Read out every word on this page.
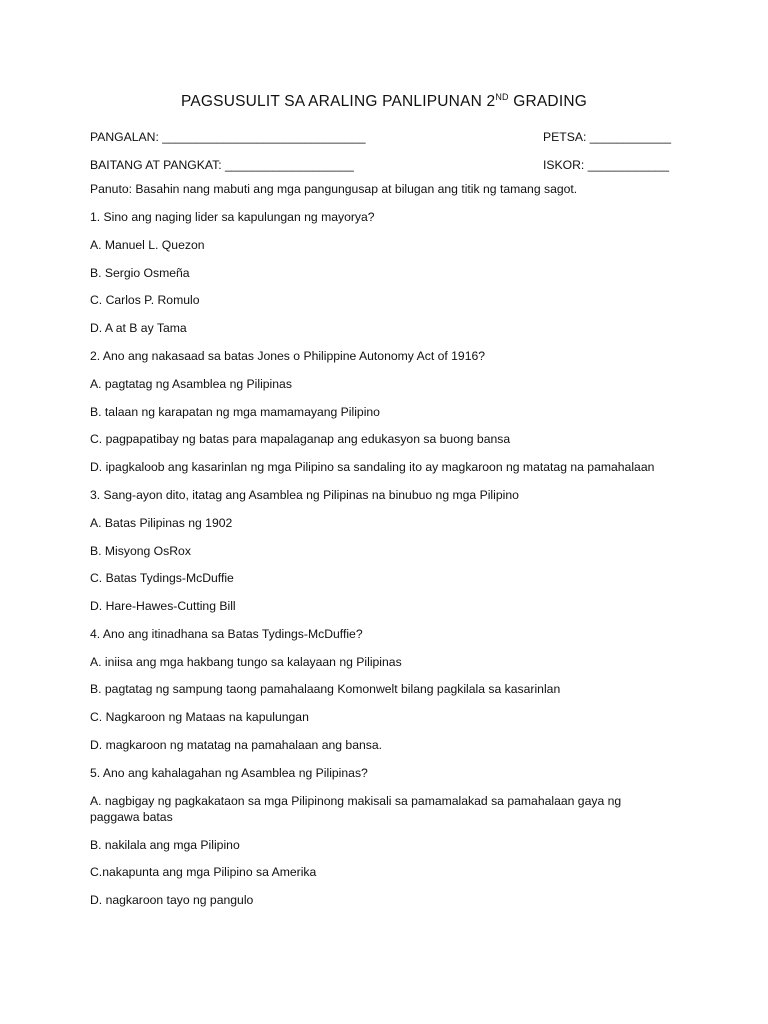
PAGSUSULIT SA ARALING PANLIPUNAN 2ND GRADING
PANGALAN: ______________________________	PETSA: ____________
BAITANG AT PANGKAT: ___________________	ISKOR: ____________
Panuto: Basahin nang mabuti ang mga pangungusap at bilugan ang titik ng tamang sagot.
1. Sino ang naging lider sa kapulungan ng mayorya?
A. Manuel L. Quezon
B. Sergio Osmeña
C. Carlos P. Romulo
D. A at B ay Tama
2. Ano ang nakasaad sa batas Jones o Philippine Autonomy Act of 1916?
A. pagtatag ng Asamblea ng Pilipinas
B. talaan ng karapatan ng mga mamamayang Pilipino
C. pagpapatibay ng batas para mapalaganap ang edukasyon sa buong bansa
D. ipagkaloob ang kasarinlan ng mga Pilipino sa sandaling ito ay magkaroon ng matatag na pamahalaan
3. Sang-ayon dito, itatag ang Asamblea ng Pilipinas na binubuo ng mga Pilipino
A. Batas Pilipinas ng 1902
B. Misyong OsRox
C. Batas Tydings-McDuffie
D. Hare-Hawes-Cutting Bill
4. Ano ang itinadhana sa Batas Tydings-McDuffie?
A. iniisa ang mga hakbang tungo sa kalayaan ng Pilipinas
B. pagtatag ng sampung taong pamahalaang Komonwelt bilang pagkilala sa kasarinlan
C. Nagkaroon ng Mataas na kapulungan
D. magkaroon ng matatag na pamahalaan ang bansa.
5. Ano ang kahalagahan ng Asamblea ng Pilipinas?
A. nagbigay ng pagkakataon sa mga Pilipinong makisali sa pamamalakad sa pamahalaan gaya ng paggawa batas
B. nakilala ang mga Pilipino
C.nakapunta ang mga Pilipino sa Amerika
D. nagkaroon tayo ng pangulo
